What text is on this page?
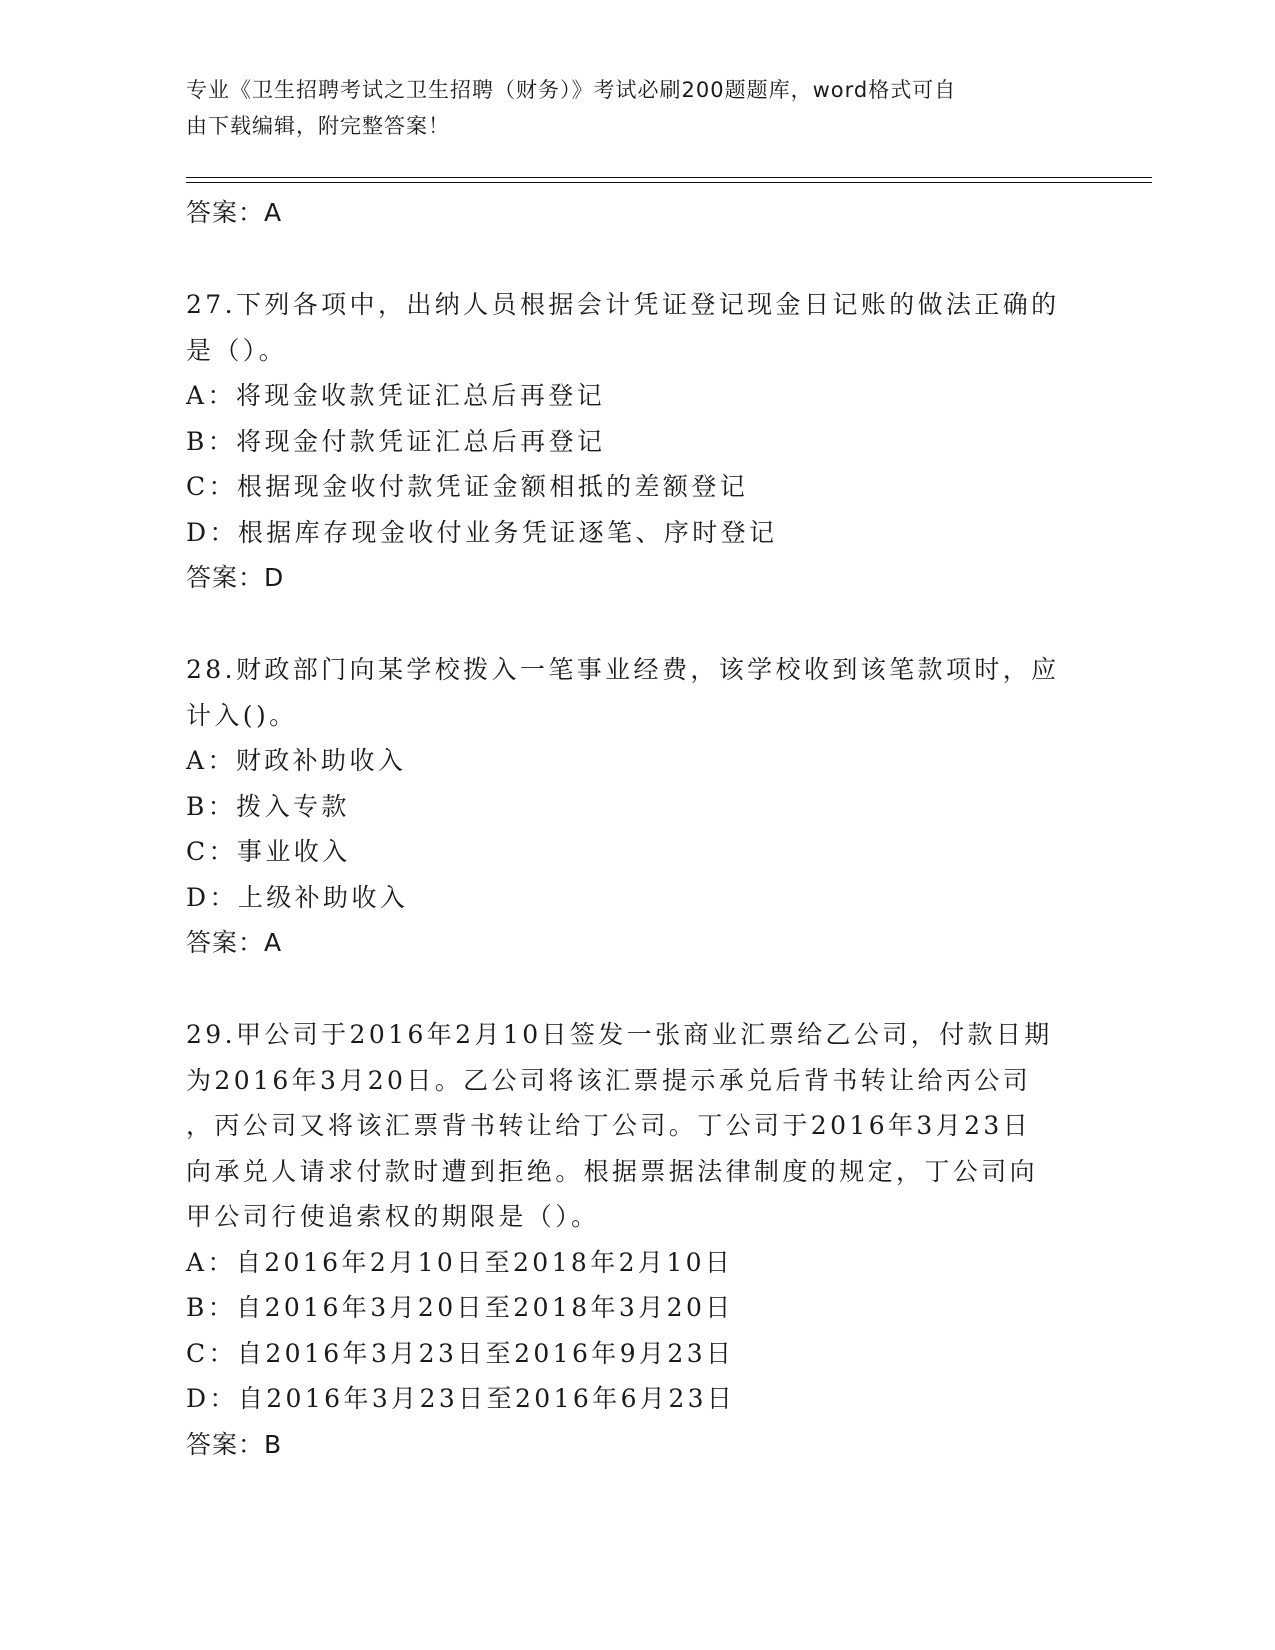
专业《卫生招聘考试之卫生招聘（财务）》考试必刷200题题库，word格式可自
由下载编辑，附完整答案！
答案：A
27.下列各项中，出纳人员根据会计凭证登记现金日记账的做法正确的
是（）。
A：将现金收款凭证汇总后再登记
B：将现金付款凭证汇总后再登记
C：根据现金收付款凭证金额相抵的差额登记
D：根据库存现金收付业务凭证逐笔、序时登记
答案：D
28.财政部门向某学校拨入一笔事业经费，该学校收到该笔款项时，应
计入()。
A：财政补助收入
B：拨入专款
C：事业收入
D：上级补助收入
答案：A
29.甲公司于2016年2月10日签发一张商业汇票给乙公司，付款日期
为2016年3月20日。乙公司将该汇票提示承兑后背书转让给丙公司
，丙公司又将该汇票背书转让给丁公司。丁公司于2016年3月23日
向承兑人请求付款时遭到拒绝。根据票据法律制度的规定，丁公司向
甲公司行使追索权的期限是（）。
A：自2016年2月10日至2018年2月10日
B：自2016年3月20日至2018年3月20日
C：自2016年3月23日至2016年9月23日
D：自2016年3月23日至2016年6月23日
答案：B
